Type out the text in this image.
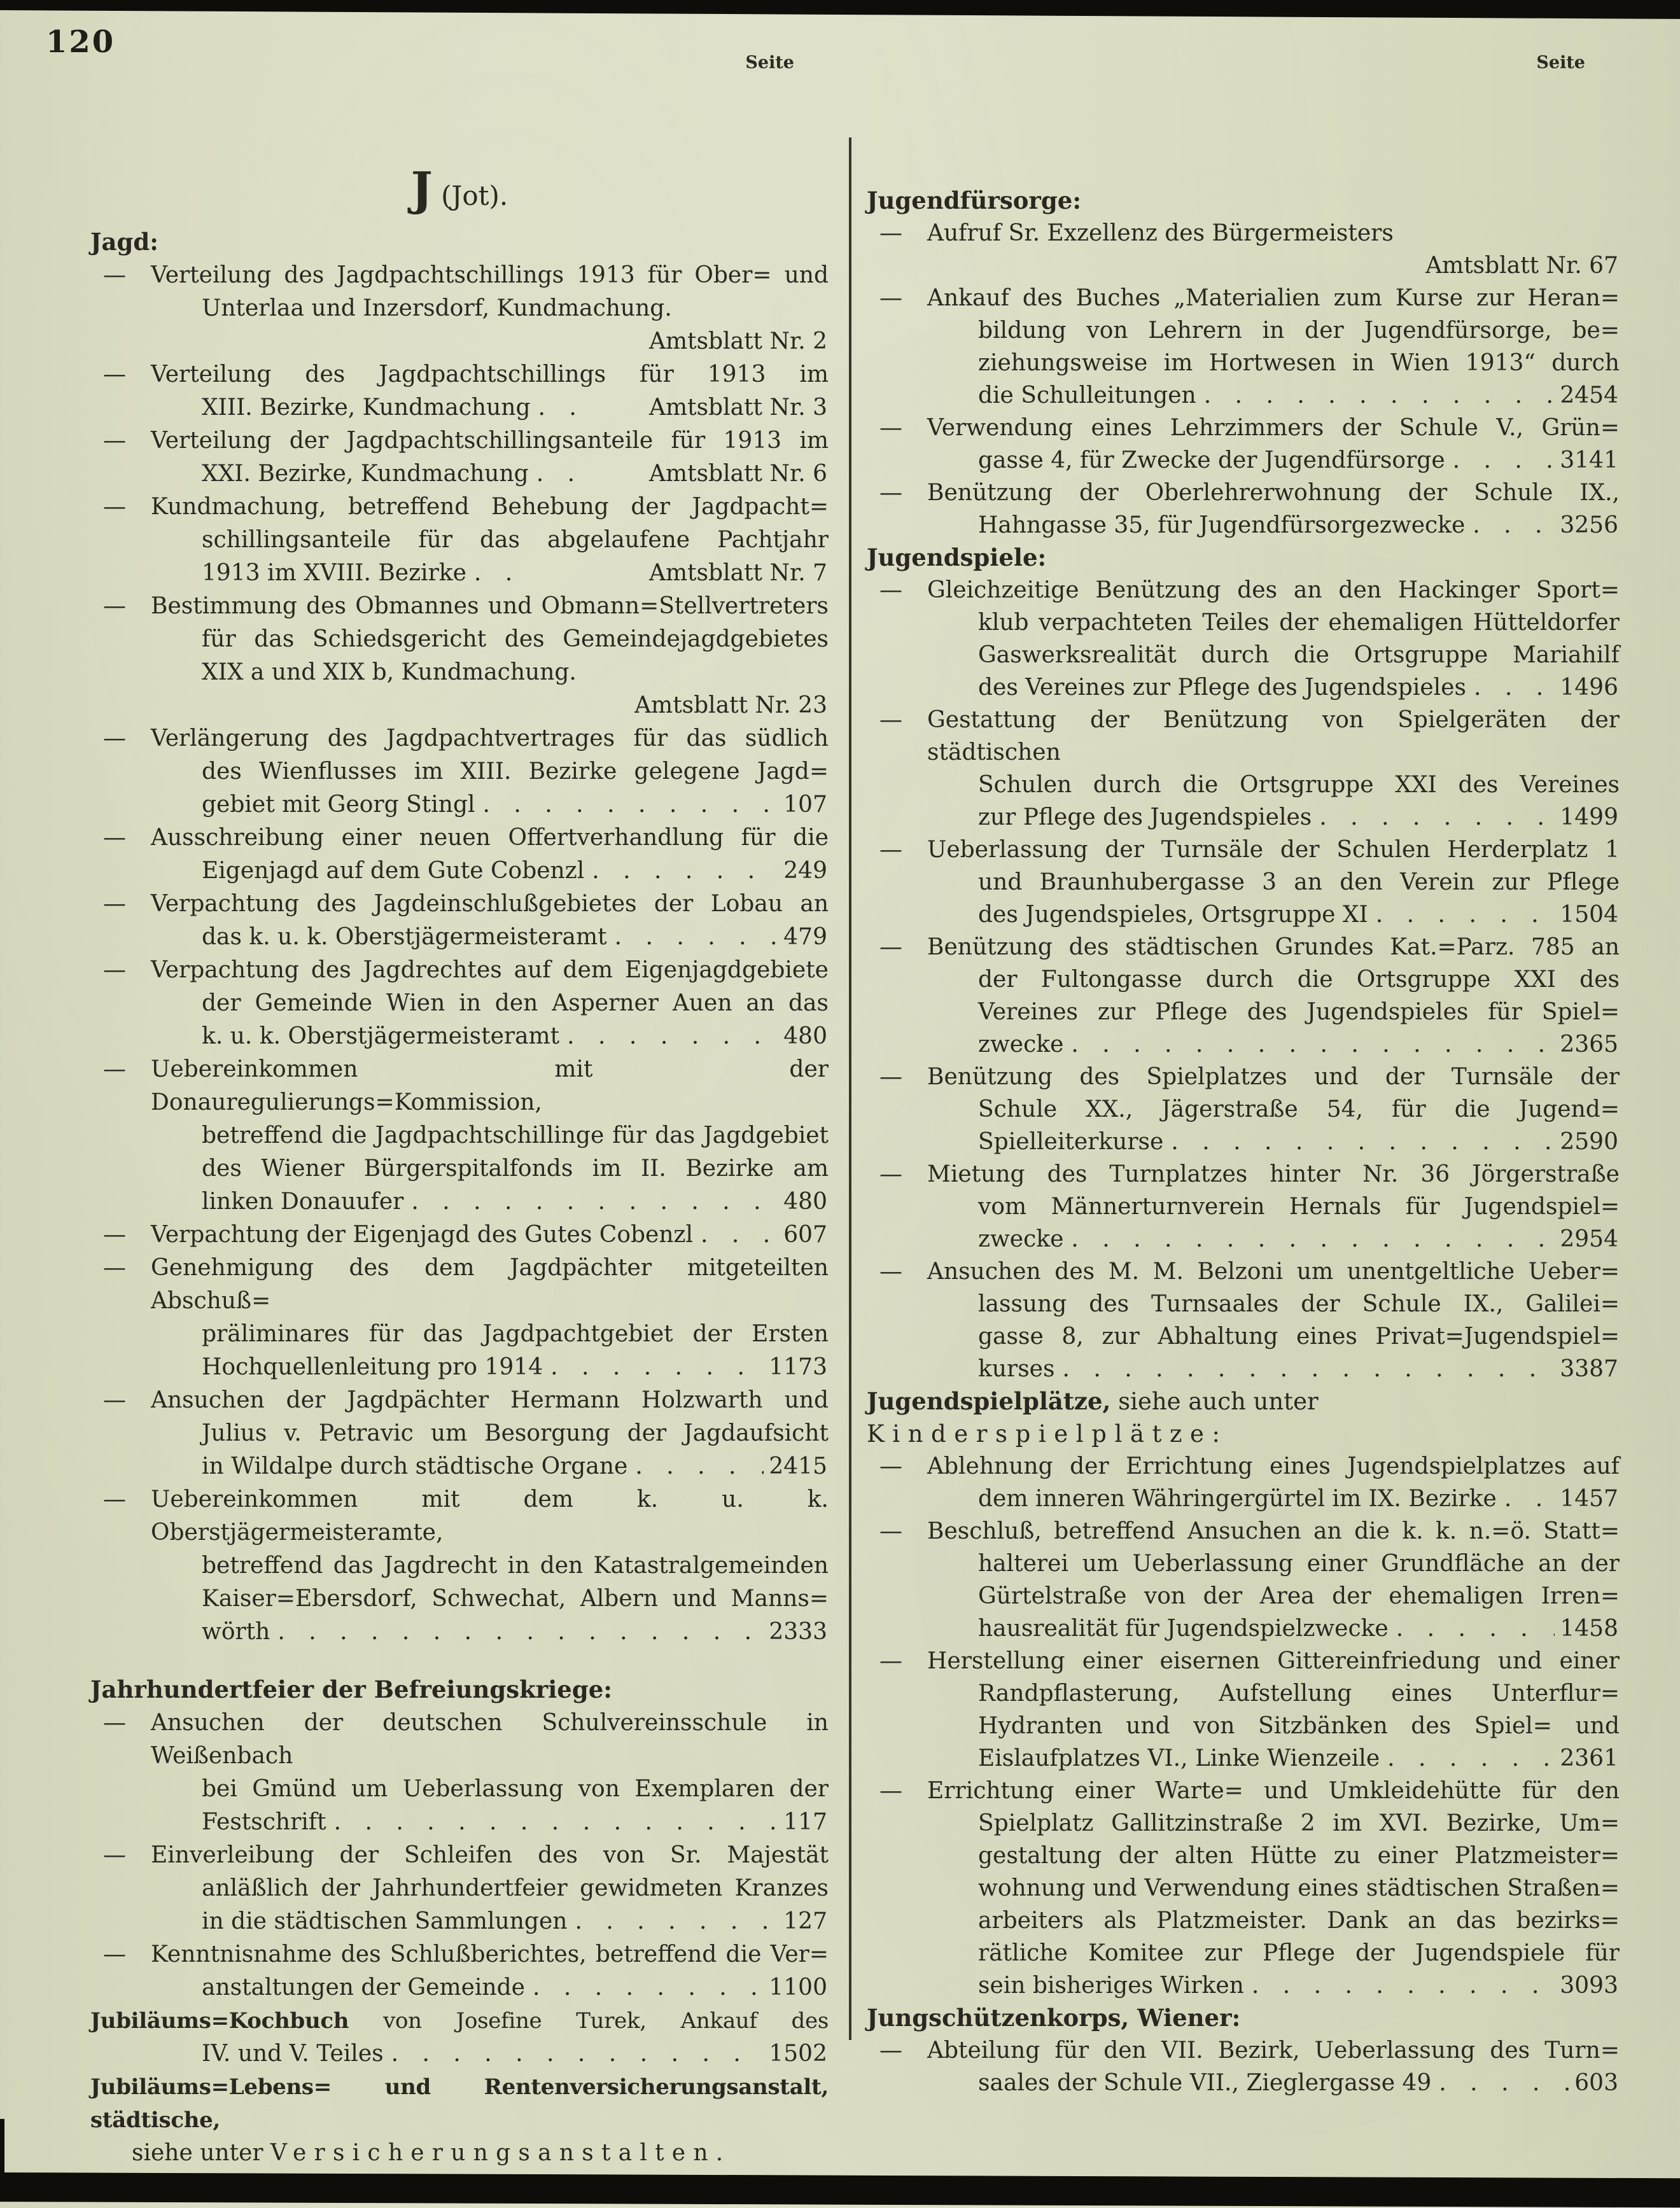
120
Seite
J (Jot).
Jagd:
— Verteilung des Jagdpachtschillings 1913 für Ober= und
Unterlaa und Inzersdorf, Kundmachung.
Amtsblatt Nr. 2
— Verteilung des Jagdpachtschillings für 1913 im
XIII. Bezirke, Kundmachung . . .	Amtsblatt Nr. 3
— Verteilung der Jagdpachtschillingsanteile für 1913 im
XXI. Bezirke, Kundmachung . . .	Amtsblatt Nr. 6
— Kundmachung, betreffend Behebung der Jagdpacht=
schillingsanteile für das abgelaufene Pachtjahr
1913 im XVIII. Bezirke . . .	Amtsblatt Nr. 7
— Bestimmung des Obmannes und Obmann=Stellvertreters
für das Schiedsgericht des Gemeindejagdgebietes
XIX a und XIX b, Kundmachung.
Amtsblatt Nr. 23
— Verlängerung des Jagdpachtvertrages für das südlich
des Wienflusses im XIII. Bezirke gelegene Jagd=
gebiet mit Georg Stingl . . .	107
— Ausschreibung einer neuen Offertverhandlung für die
Eigenjagd auf dem Gute Cobenzl . . .	249
— Verpachtung des Jagdeinschlußgebietes der Lobau an
das k. u. k. Oberstjägermeisteramt . . .	479
— Verpachtung des Jagdrechtes auf dem Eigenjagdgebiete
der Gemeinde Wien in den Asperner Auen an das
k. u. k. Oberstjägermeisteramt . . .	480
— Uebereinkommen mit der Donauregulierungs=Kommission,
betreffend die Jagdpachtschillinge für das Jagdgebiet
des Wiener Bürgerspitalfonds im II. Bezirke am
linken Donauufer . . .	480
— Verpachtung der Eigenjagd des Gutes Cobenzl . . .	607
— Genehmigung des dem Jagdpächter mitgeteilten Abschuß=
präliminares für das Jagdpachtgebiet der Ersten
Hochquellenleitung pro 1914 . . .	1173
— Ansuchen der Jagdpächter Hermann Holzwarth und
Julius v. Petravic um Besorgung der Jagdaufsicht
in Wildalpe durch städtische Organe . . .	2415
— Uebereinkommen mit dem k. u. k. Oberstjägermeisteramte,
betreffend das Jagdrecht in den Katastralgemeinden
Kaiser=Ebersdorf, Schwechat, Albern und Manns=
wörth . . .	2333
Jahrhundertfeier der Befreiungskriege:
— Ansuchen der deutschen Schulvereinsschule in Weißenbach
bei Gmünd um Ueberlassung von Exemplaren der
Festschrift . . .	117
— Einverleibung der Schleifen des von Sr. Majestät
anläßlich der Jahrhundertfeier gewidmeten Kranzes
in die städtischen Sammlungen . . .	127
— Kenntnisnahme des Schlußberichtes, betreffend die Ver=
anstaltungen der Gemeinde . . .	1100
Jubiläums=Kochbuch von Josefine Turek, Ankauf des
IV. und V. Teiles . . .	1502
Jubiläums=Lebens= und Rentenversicherungsanstalt, städtische,
siehe unter Versicherungsanstalten.
Seite
Jugendfürsorge:
— Aufruf Sr. Exzellenz des Bürgermeisters
Amtsblatt Nr. 67
— Ankauf des Buches „Materialien zum Kurse zur Heran=
bildung von Lehrern in der Jugendfürsorge, be=
ziehungsweise im Hortwesen in Wien 1913“ durch
die Schulleitungen . . .	2454
— Verwendung eines Lehrzimmers der Schule V., Grün=
gasse 4, für Zwecke der Jugendfürsorge . . .	3141
— Benützung der Oberlehrerwohnung der Schule IX.,
Hahngasse 35, für Jugendfürsorgezwecke . . .	3256
Jugendspiele:
— Gleichzeitige Benützung des an den Hackinger Sport=
klub verpachteten Teiles der ehemaligen Hütteldorfer
Gaswerksrealität durch die Ortsgruppe Mariahilf
des Vereines zur Pflege des Jugendspieles . . .	1496
— Gestattung der Benützung von Spielgeräten der städtischen
Schulen durch die Ortsgruppe XXI des Vereines
zur Pflege des Jugendspieles . . .	1499
— Ueberlassung der Turnsäle der Schulen Herderplatz 1
und Braunhubergasse 3 an den Verein zur Pflege
des Jugendspieles, Ortsgruppe XI . . .	1504
— Benützung des städtischen Grundes Kat.=Parz. 785 an
der Fultongasse durch die Ortsgruppe XXI des
Vereines zur Pflege des Jugendspieles für Spiel=
zwecke . . .	2365
— Benützung des Spielplatzes und der Turnsäle der
Schule XX., Jägerstraße 54, für die Jugend=
Spielleiterkurse . . .	2590
— Mietung des Turnplatzes hinter Nr. 36 Jörgerstraße
vom Männerturnverein Hernals für Jugendspiel=
zwecke . . .	2954
— Ansuchen des M. M. Belzoni um unentgeltliche Ueber=
lassung des Turnsaales der Schule IX., Galilei=
gasse 8, zur Abhaltung eines Privat=Jugendspiel=
kurses . . .	3387
Jugendspielplätze, siehe auch unter Kinderspielplätze:
— Ablehnung der Errichtung eines Jugendspielplatzes auf
dem inneren Währingergürtel im IX. Bezirke . . .	1457
— Beschluß, betreffend Ansuchen an die k. k. n.=ö. Statt=
halterei um Ueberlassung einer Grundfläche an der
Gürtelstraße von der Area der ehemaligen Irren=
hausrealität für Jugendspielzwecke . . .	1458
— Herstellung einer eisernen Gittereinfriedung und einer
Randpflasterung, Aufstellung eines Unterflur=
Hydranten und von Sitzbänken des Spiel= und
Eislaufplatzes VI., Linke Wienzeile . . .	2361
— Errichtung einer Warte= und Umkleidehütte für den
Spielplatz Gallitzinstraße 2 im XVI. Bezirke, Um=
gestaltung der alten Hütte zu einer Platzmeister=
wohnung und Verwendung eines städtischen Straßen=
arbeiters als Platzmeister. Dank an das bezirks=
rätliche Komitee zur Pflege der Jugendspiele für
sein bisheriges Wirken . . .	3093
Jungschützenkorps, Wiener:
— Abteilung für den VII. Bezirk, Ueberlassung des Turn=
saales der Schule VII., Zieglergasse 49 . . .	603
